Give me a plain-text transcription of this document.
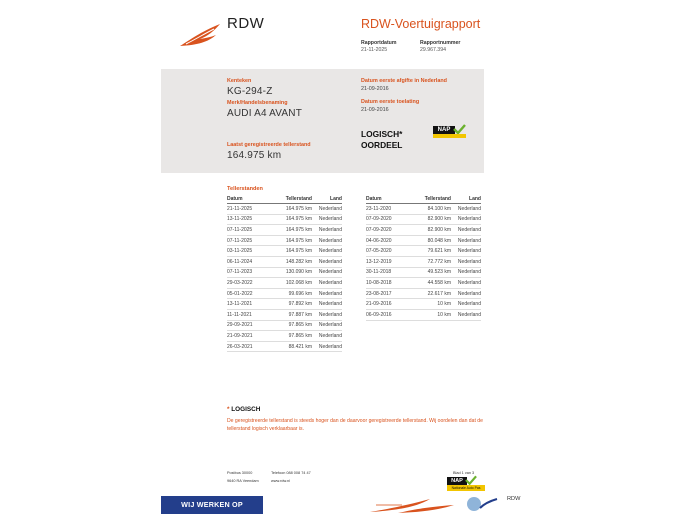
RDW	RDW-Voertuigrapport
Rapportdatum
21-11-2025
Rapportnummer
29.967.394
Kenteken
KG-294-Z
Merk/Handelsbenaming
AUDI A4 AVANT
Laatst geregistreerde tellerstand
164.975 km
Datum eerste afgifte in Nederland
21-09-2016
Datum eerste toelating
21-09-2016
LOGISCH*
OORDEEL
NAP
Tellerstanden
Datum	Tellerstand	Land
21-11-2025	164.975 km	Nederland
13-11-2025	164.975 km	Nederland
07-11-2025	164.975 km	Nederland
07-11-2025	164.975 km	Nederland
03-11-2025	164.975 km	Nederland
06-11-2024	148.282 km	Nederland
07-11-2023	130.090 km	Nederland
29-03-2022	102.068 km	Nederland
05-01-2022	99.696 km	Nederland
13-11-2021	97.892 km	Nederland
11-11-2021	97.887 km	Nederland
29-09-2021	97.865 km	Nederland
21-09-2021	97.865 km	Nederland
26-03-2021	88.421 km	Nederland
Datum	Tellerstand	Land
23-11-2020	84.100 km	Nederland
07-09-2020	82.900 km	Nederland
07-09-2020	82.900 km	Nederland
04-06-2020	80.048 km	Nederland
07-05-2020	79.621 km	Nederland
13-12-2019	72.772 km	Nederland
30-11-2018	49.523 km	Nederland
10-08-2018	44.558 km	Nederland
23-08-2017	22.617 km	Nederland
21-09-2016	10 km	Nederland
06-09-2016	10 km	Nederland
* LOGISCH
De geregistreerde tellerstand is steeds hoger dan de daarvoor geregistreerde tellerstand. Wij oordelen dan dat de tellerstand logisch verklaarbaar is.
Postbus 30000
9640 RA Veendam
Telefoon 088 008 74 47
www.rdw.nl
Blad 1 van 3
NAP
Nationale Auto Pas
RDW
WIJ WERKEN OP AFSPRAAK
